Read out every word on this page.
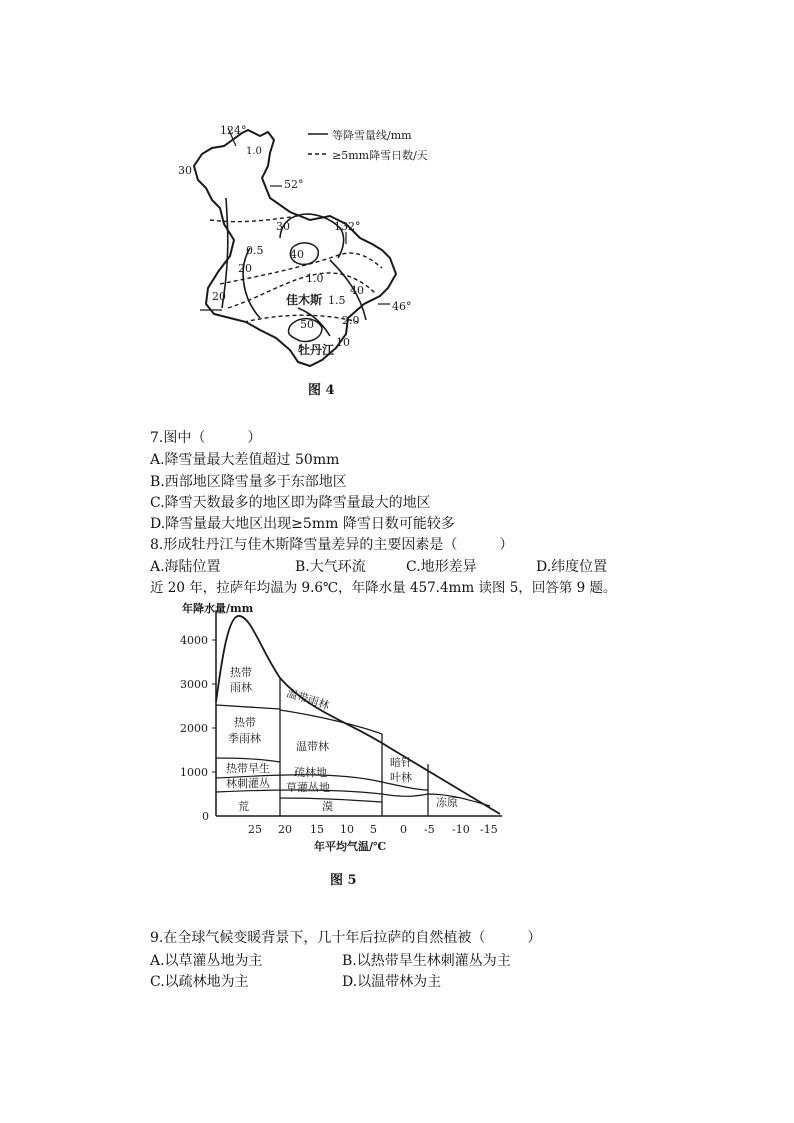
等降雪量线/mm
≥5mm降雪日数/天
124°
52°
132°
46°
1.0
30
30
40
0.5
20
1.0
1.5
2.0
40
50
10
20	佳木斯
牡丹江
图 4
7.图中（　　　）
A.降雪量最大差值超过 50mm
B.西部地区降雪量多于东部地区
C.降雪天数最多的地区即为降雪量最大的地区
D.降雪量最大地区出现≥5mm 降雪日数可能较多
8.形成牡丹江与佳木斯降雪量差异的主要因素是（　　　）
A.海陆位置	B.大气环流	C.地形差异	D.纬度位置
近 20 年，拉萨年均温为 9.6℃，年降水量 457.4mm 读图 5，回答第 9 题。
年降水量/mm
年平均气温/℃
4000
3000
2000
1000
0
25 20 15 10 5 0 -5 -10 -15
热带
雨林	温带雨林
热带
季雨林
温带林
热带旱生
林刺灌丛
疏林地
草灌丛地
荒	漠
暗针
叶林
冻原
图 5
9.在全球气候变暖背景下，几十年后拉萨的自然植被（　　　）
A.以草灌丛地为主	B.以热带旱生林刺灌丛为主
C.以疏林地为主	D.以温带林为主
